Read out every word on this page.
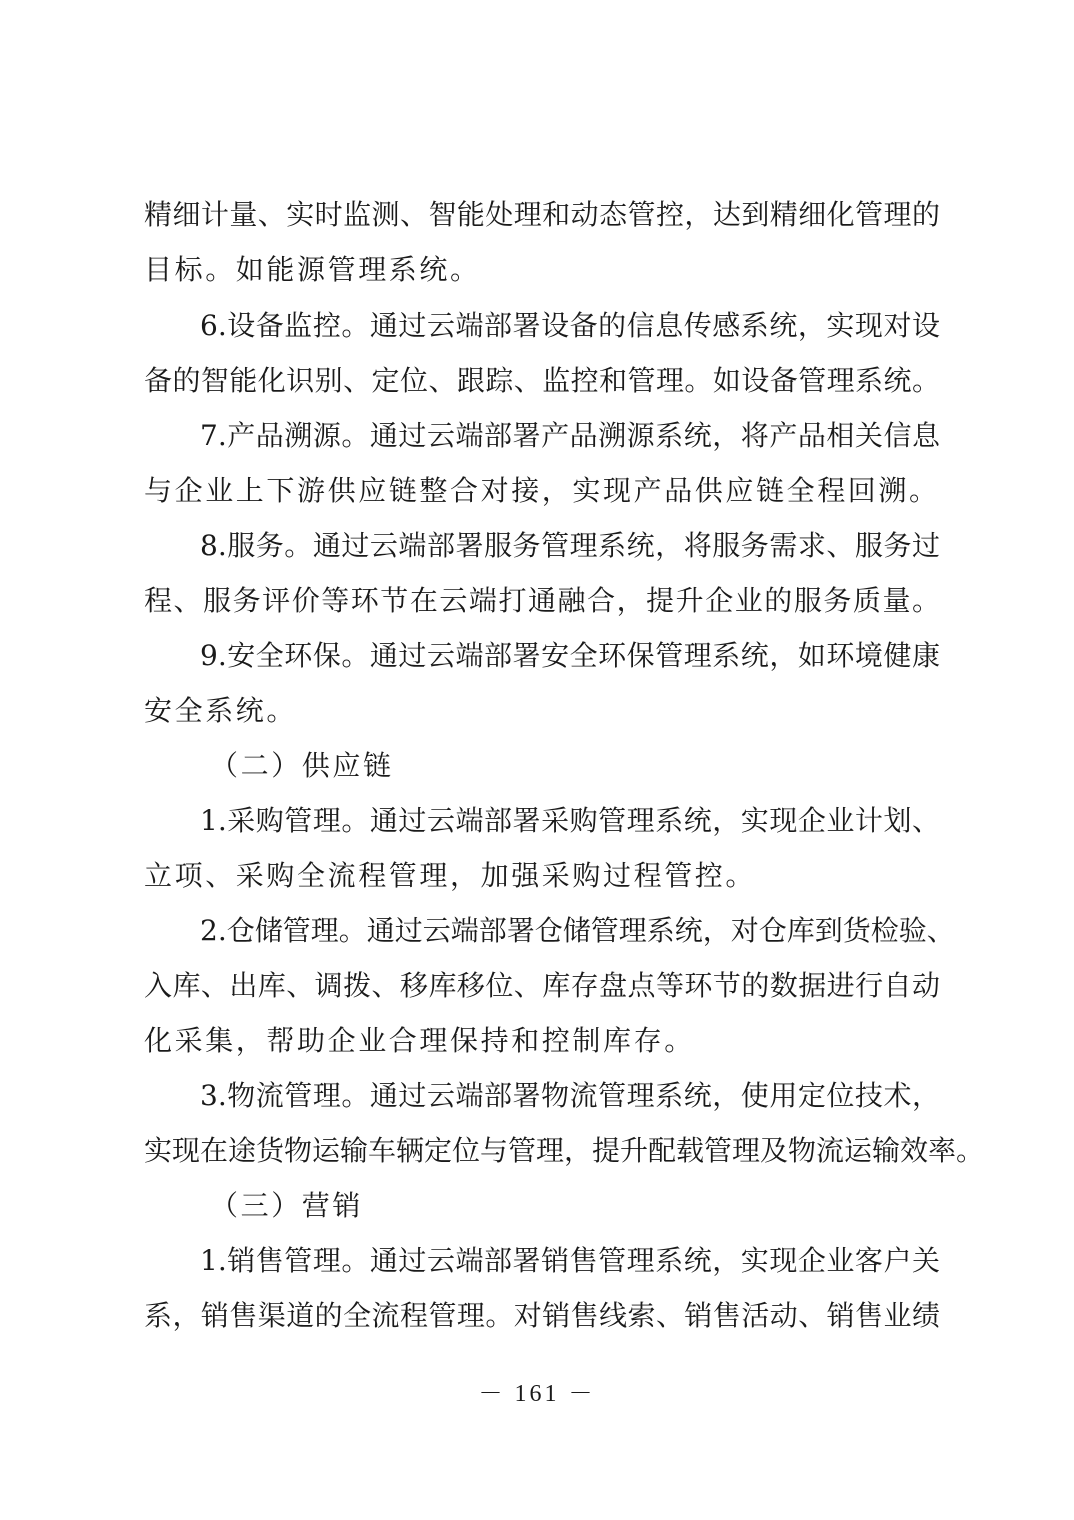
精细计量、实时监测、智能处理和动态管控，达到精细化管理的
目标。如能源管理系统。
6.设备监控。通过云端部署设备的信息传感系统，实现对设
备的智能化识别、定位、跟踪、监控和管理。如设备管理系统。
7.产品溯源。通过云端部署产品溯源系统，将产品相关信息
与企业上下游供应链整合对接，实现产品供应链全程回溯。
8.服务。通过云端部署服务管理系统，将服务需求、服务过
程、服务评价等环节在云端打通融合，提升企业的服务质量。
9.安全环保。通过云端部署安全环保管理系统，如环境健康
安全系统。
（二）供应链
1.采购管理。通过云端部署采购管理系统，实现企业计划、
立项、采购全流程管理，加强采购过程管控。
2.仓储管理。通过云端部署仓储管理系统，对仓库到货检验、
入库、出库、调拨、移库移位、库存盘点等环节的数据进行自动
化采集，帮助企业合理保持和控制库存。
3.物流管理。通过云端部署物流管理系统，使用定位技术，
实现在途货物运输车辆定位与管理，提升配载管理及物流运输效率。
（三）营销
1.销售管理。通过云端部署销售管理系统，实现企业客户关
系，销售渠道的全流程管理。对销售线索、销售活动、销售业绩
－ 161 －
